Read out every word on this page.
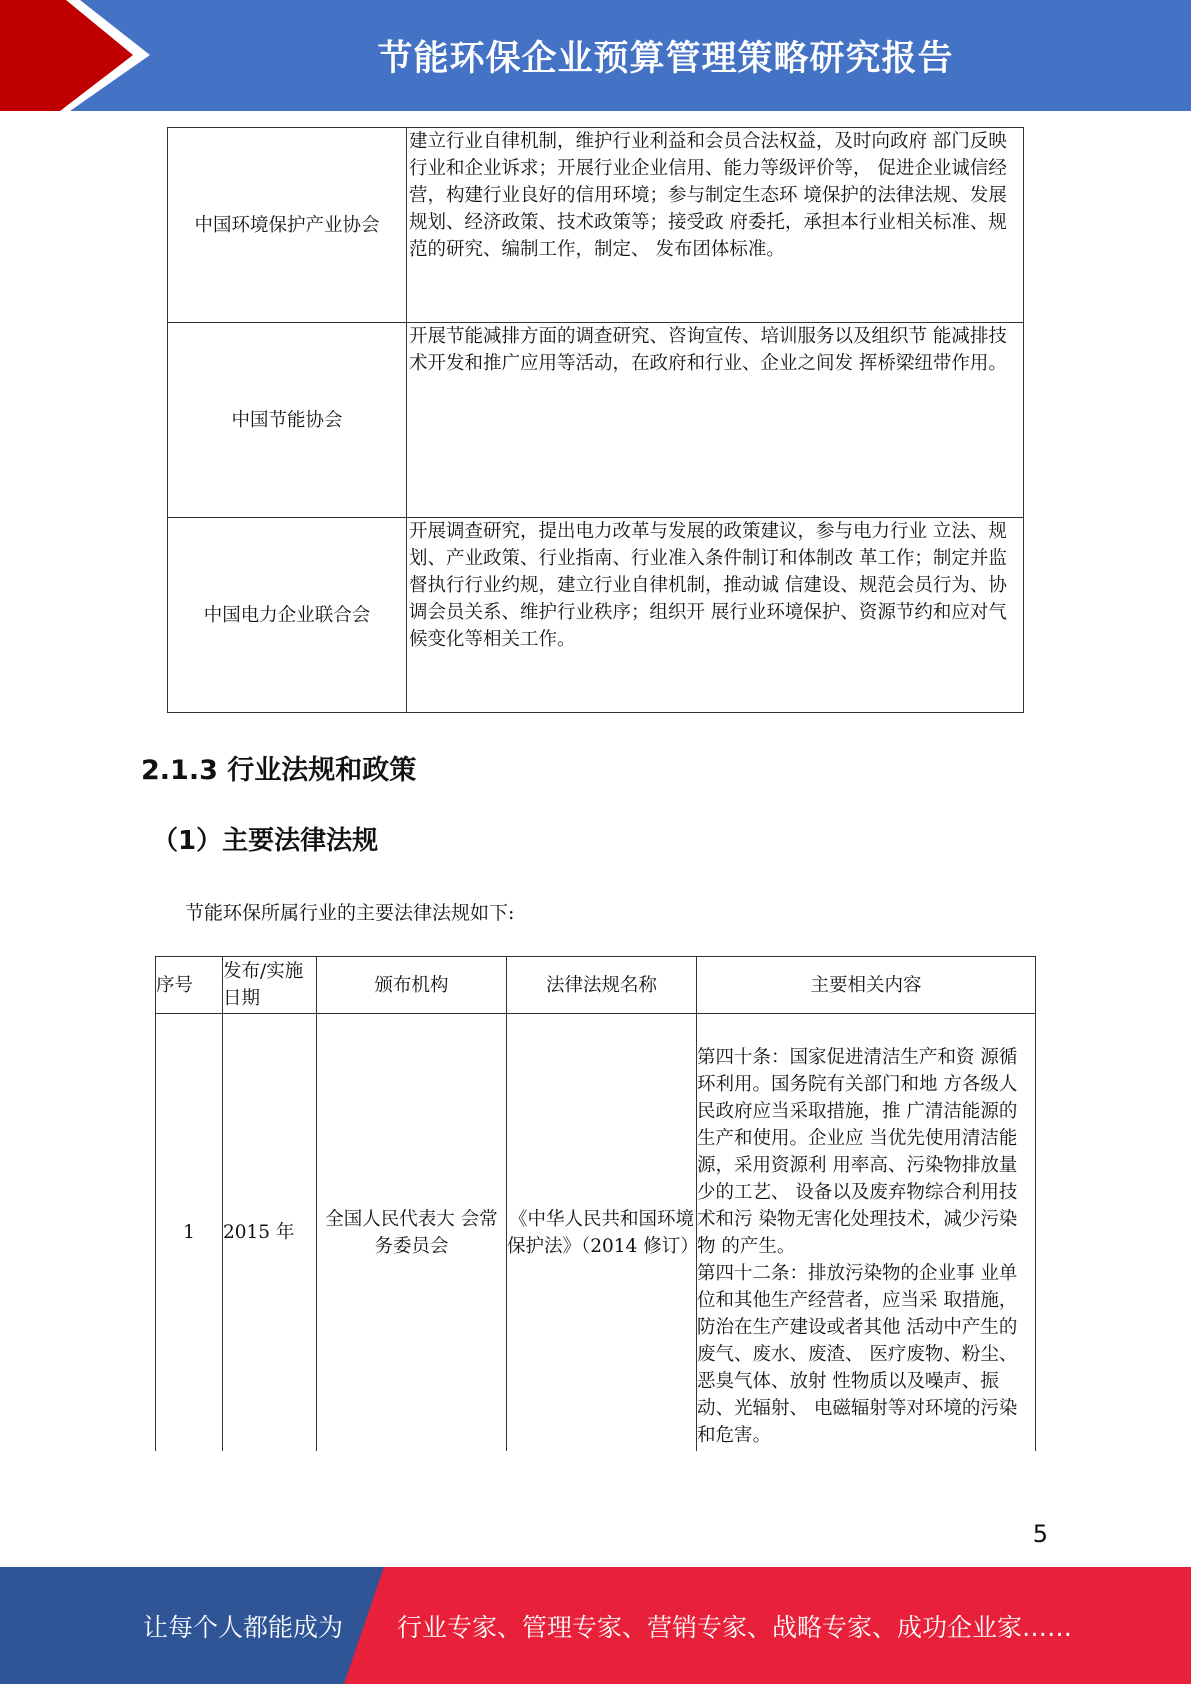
节能环保企业预算管理策略研究报告
中国环境保护产业协会	建立行业自律机制，维护行业利益和会员合法权益，及时向政府 部门反映行业和企业诉求；开展行业企业信用、能力等级评价等， 促进企业诚信经营，构建行业良好的信用环境；参与制定生态环 境保护的法律法规、发展规划、经济政策、技术政策等；接受政 府委托，承担本行业相关标准、规范的研究、编制工作，制定、 发布团体标准。
中国节能协会	开展节能减排方面的调查研究、咨询宣传、培训服务以及组织节 能减排技术开发和推广应用等活动，在政府和行业、企业之间发 挥桥梁纽带作用。
中国电力企业联合会	开展调查研究，提出电力改革与发展的政策建议，参与电力行业 立法、规划、产业政策、行业指南、行业准入条件制订和体制改 革工作；制定并监督执行行业约规，建立行业自律机制，推动诚 信建设、规范会员行为、协调会员关系、维护行业秩序；组织开 展行业环境保护、资源节约和应对气候变化等相关工作。
2.1.3 行业法规和政策
（1）主要法律法规

节能环保所属行业的主要法律法规如下:

序号	发布/实施日期	颁布机构	法律法规名称	主要相关内容
1	2015 年	全国人民代表大 会常务委员会	《中华人民共和国环境保护法》（2014 修订）	第四十条：国家促进清洁生产和资 源循环利用。国务院有关部门和地 方各级人民政府应当采取措施，推 广清洁能源的生产和使用。企业应 当优先使用清洁能源，采用资源利 用率高、污染物排放量少的工艺、 设备以及废弃物综合利用技术和污 染物无害化处理技术，减少污染物 的产生。
第四十二条：排放污染物的企业事 业单位和其他生产经营者，应当采 取措施，防治在生产建设或者其他 活动中产生的废气、废水、废渣、 医疗废物、粉尘、恶臭气体、放射 性物质以及噪声、振动、光辐射、 电磁辐射等对环境的污染和危害。
5
让每个人都能成为 行业专家、管理专家、营销专家、战略专家、成功企业家……
